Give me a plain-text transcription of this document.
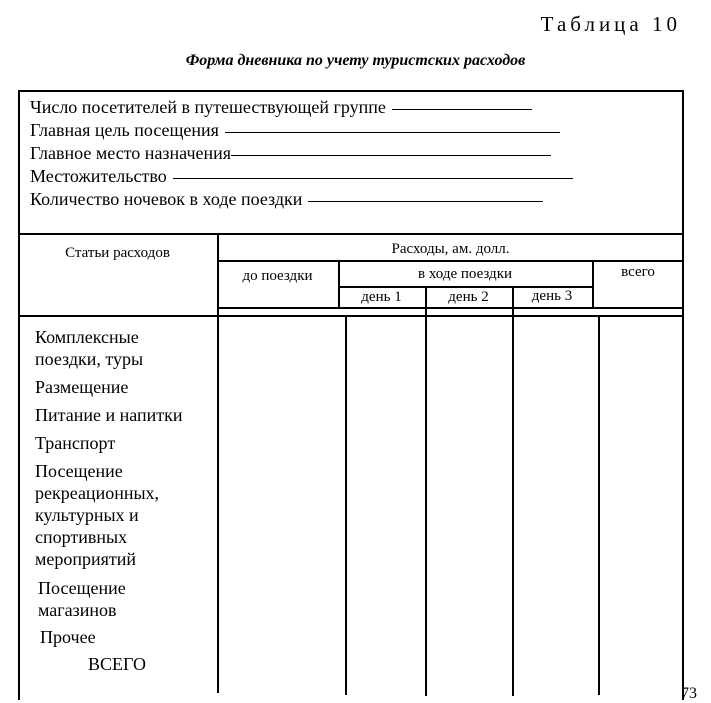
Таблица 10
Форма дневника по учету туристских расходов
Число посетителей в путешествующей группе
Главная цель посещения
Главное место назначения
Местожительство
Количество ночевок в ходе поездки
Статьи расходов	Расходы, ам. долл.
до поездки	в ходе поездки	всего
день 1	день 2	день 3
Комплексные поездки, туры
Размещение
Питание и напитки
Транспорт
Посещение рекреационных, культурных и спортивных мероприятий
Посещение магазинов
Прочее
ВСЕГО
73
